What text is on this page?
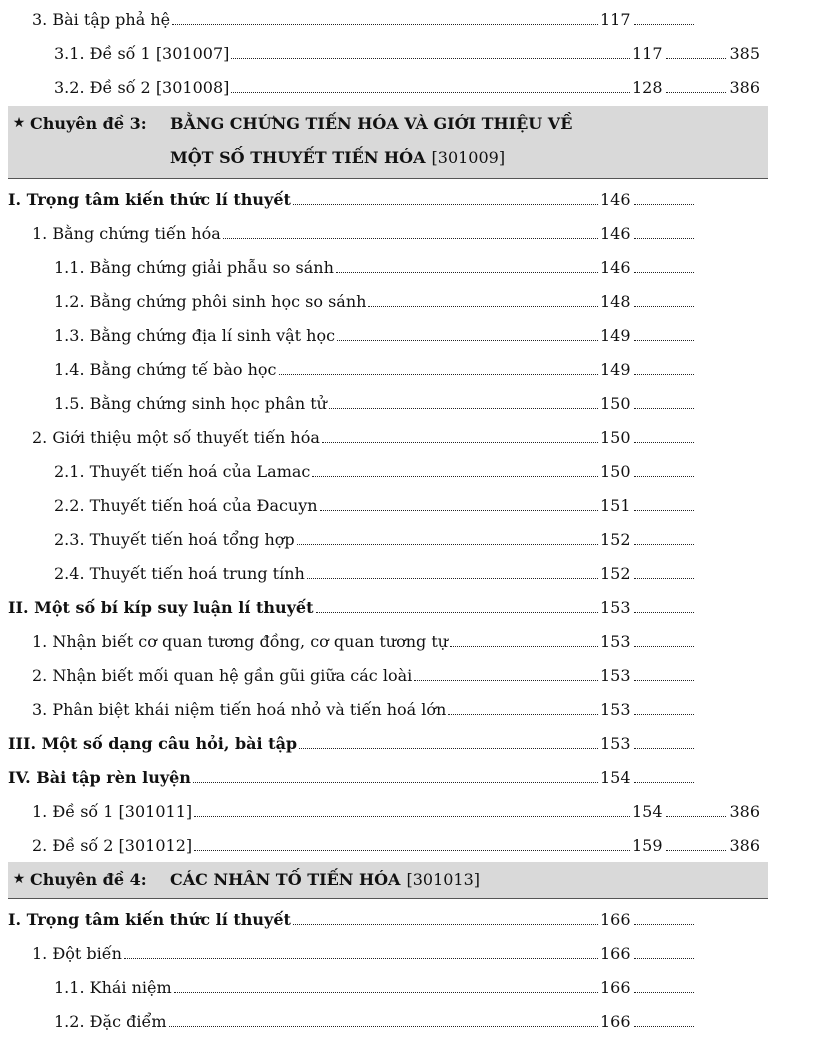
3. Bài tập phả hệ	117
3.1. Đề số 1 [301007]	117	385
3.2. Đề số 2 [301008]	128	386
★ Chuyên đề 3:	BẰNG CHỨNG TIẾN HÓA VÀ GIỚI THIỆU VỀ
MỘT SỐ THUYẾT TIẾN HÓA [301009]
I. Trọng tâm kiến thức lí thuyết	146
1. Bằng chứng tiến hóa	146
1.1. Bằng chứng giải phẫu so sánh	146
1.2. Bằng chứng phôi sinh học so sánh	148
1.3. Bằng chứng địa lí sinh vật học	149
1.4. Bằng chứng tế bào học	149
1.5. Bằng chứng sinh học phân tử	150
2. Giới thiệu một số thuyết tiến hóa	150
2.1. Thuyết tiến hoá của Lamac	150
2.2. Thuyết tiến hoá của Đacuyn	151
2.3. Thuyết tiến hoá tổng hợp	152
2.4. Thuyết tiến hoá trung tính	152
II. Một số bí kíp suy luận lí thuyết	153
1. Nhận biết cơ quan tương đồng, cơ quan tương tự	153
2. Nhận biết mối quan hệ gần gũi giữa các loài	153
3. Phân biệt khái niệm tiến hoá nhỏ và tiến hoá lớn	153
III. Một số dạng câu hỏi, bài tập	153
IV. Bài tập rèn luyện	154
1. Đề số 1 [301011]	154	386
2. Đề số 2 [301012]	159	386
★ Chuyên đề 4:	CÁC NHÂN TỐ TIẾN HÓA [301013]
I. Trọng tâm kiến thức lí thuyết	166
1. Đột biến	166
1.1. Khái niệm	166
1.2. Đặc điểm	166
